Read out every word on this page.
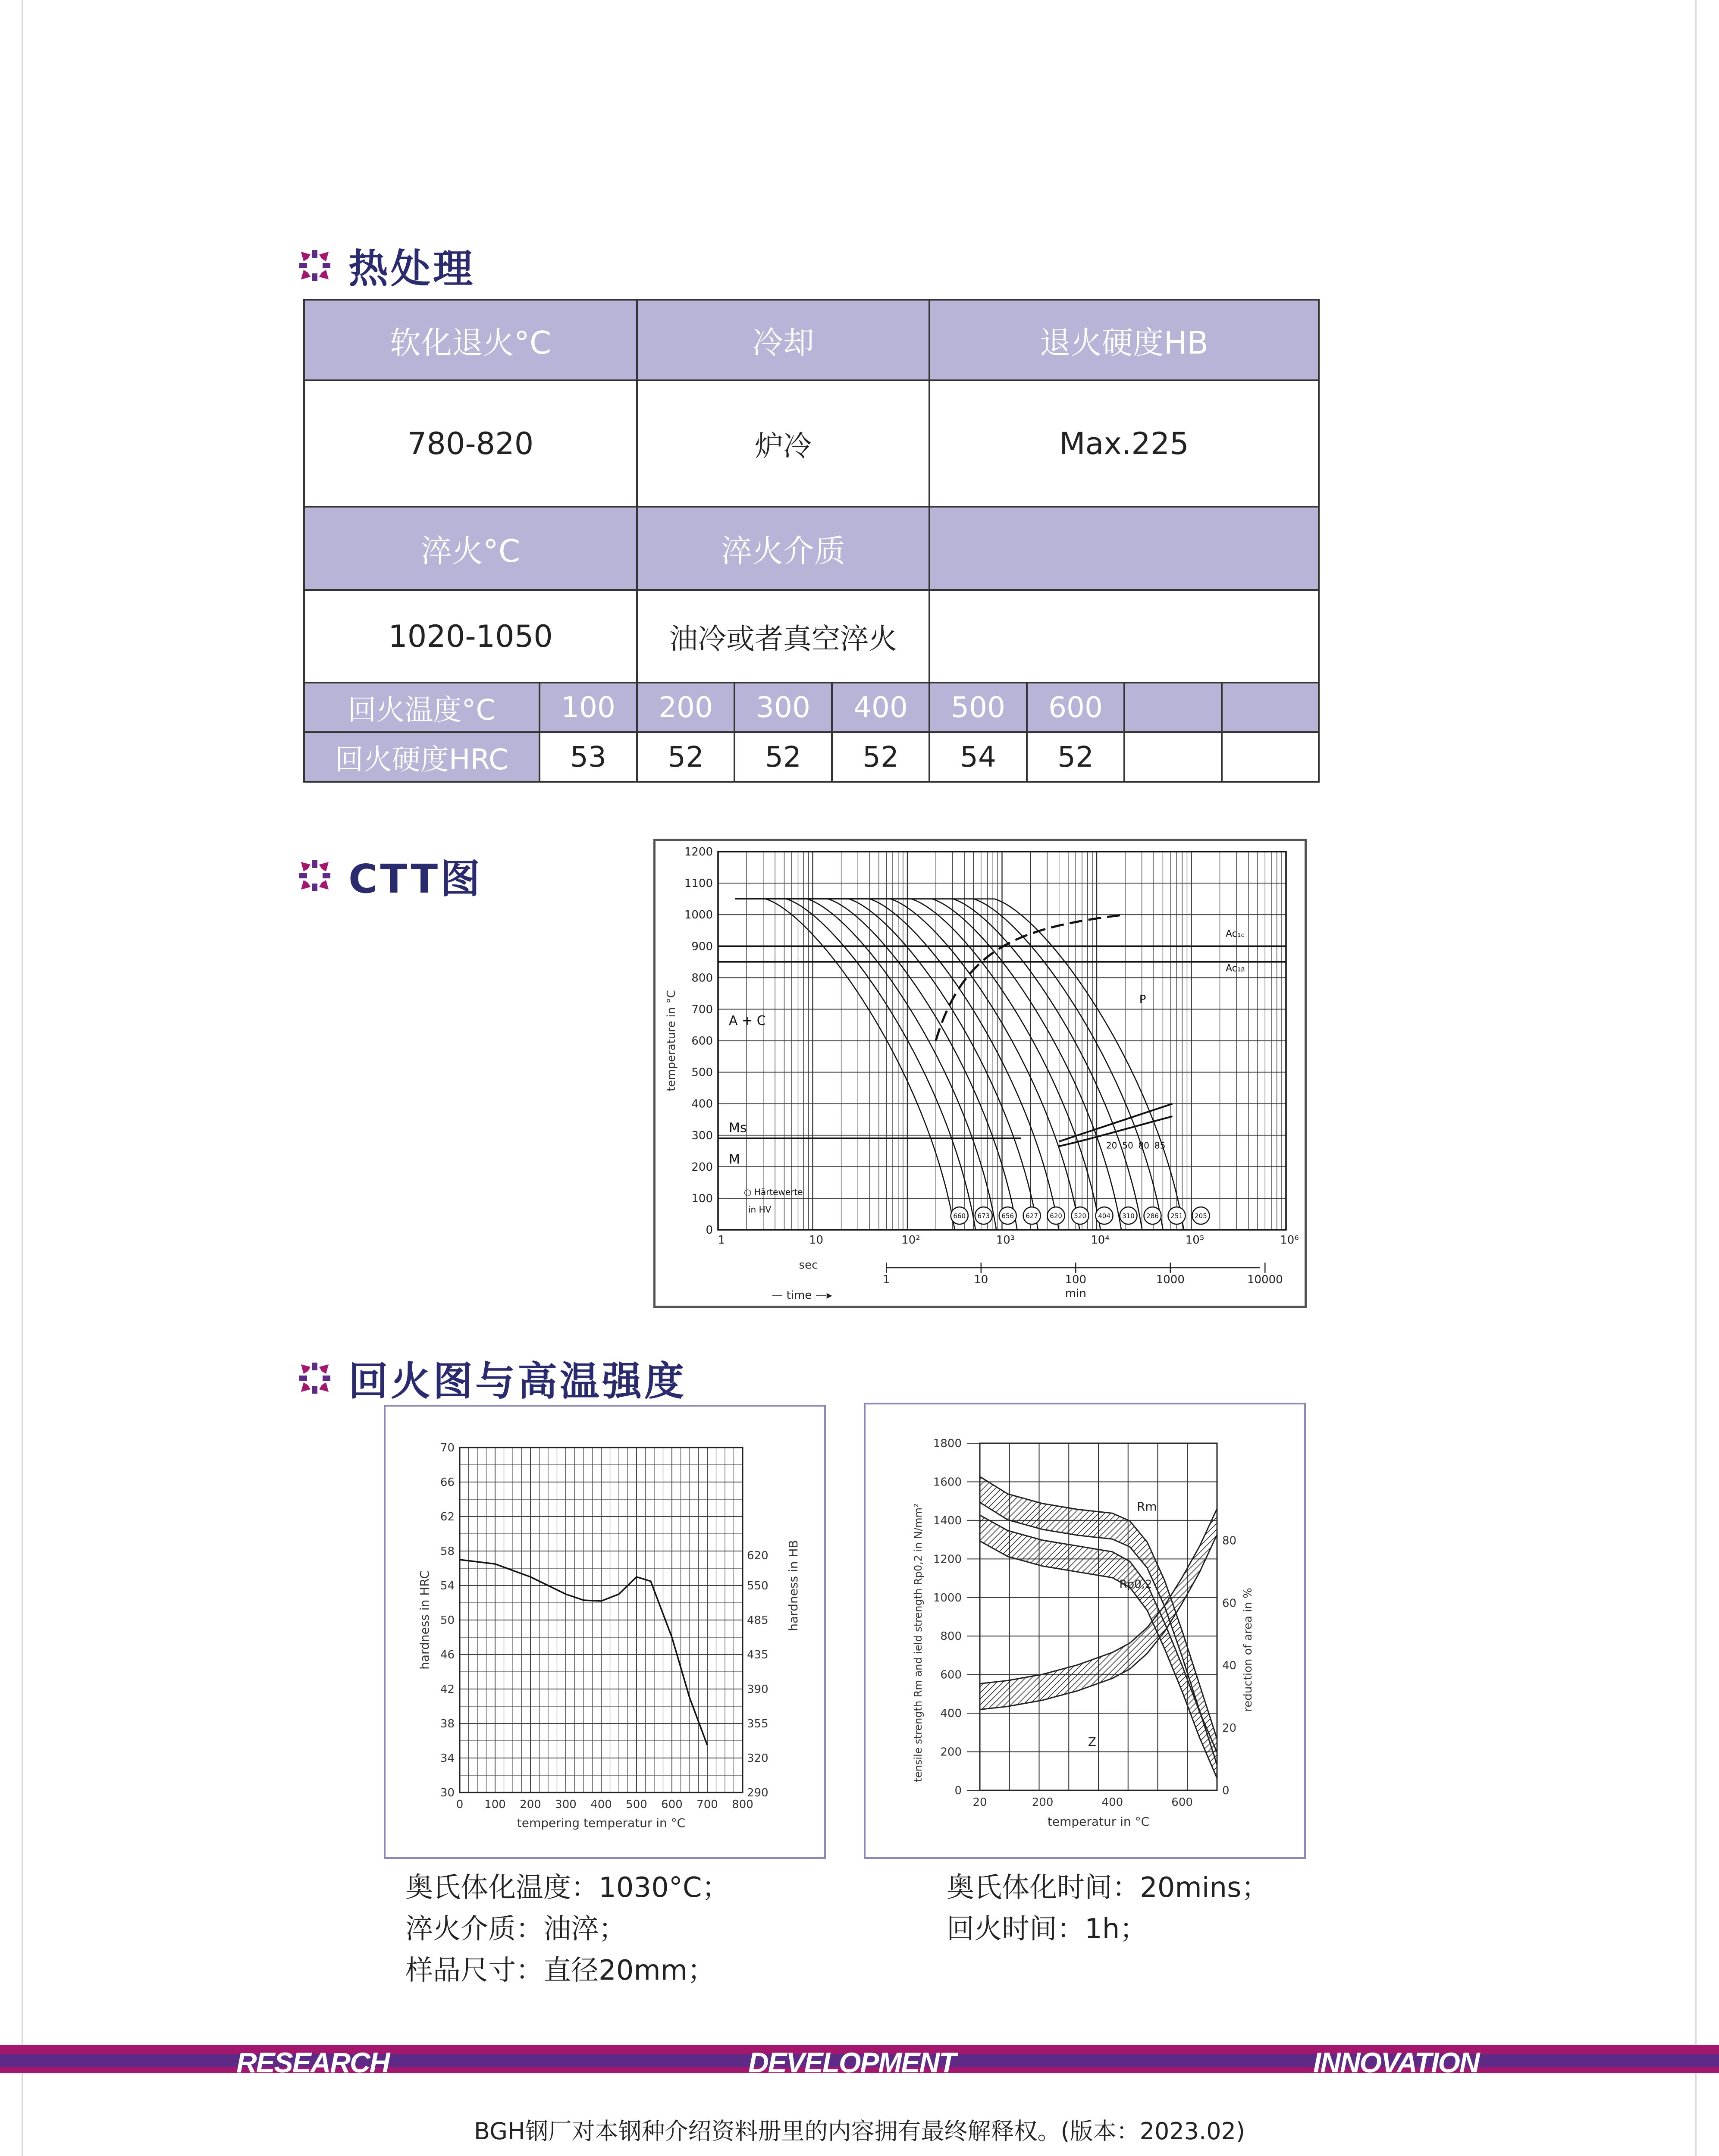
热处理
软化退火°C		冷却			退火硬度HB			
780-820		炉冷			Max.225			
淬火°C		淬火介质						
1020-1050		油冷或者真空淬火						
回火温度°C	100	200	300	400	500	600		
回火硬度HRC	53	52	52	52	54	52		
CTT图
1200
1100
1000
900
800
700
600
500
400
300
200
100
0
temperature in °C
1	10	10²	10³	10⁴	10⁵	10⁶
1	10	100	1000	10000
sec
min
— time —▸
Ac₁ₑ
Ac₁ᵦ
Ms
M
A + C
P
○ Härtewerte
in HV
20 50 80 85
660 673 656 627 620 520 404 310 286 251 205
回火图与高温强度
70
66
62
58
54
50
46
42
38
34
30
0 100 200 300 400 500 600 700 800
620
550
485
435
390
355
320
290
tempering temperatur in °C
hardness in HRC	hardness in HB
1800
1600
1400
1200
1000
800
600
400
200
0
20	200	400	600
80
60
40
20
0
temperatur in °C
tensile strength Rm and ield strength Rp0,2 in N/mm²	reduction of area in %
Rm
Rp0,2
Z
奥氏体化温度：1030°C；
淬火介质：油淬；
样品尺寸：直径20mm；
奥氏体化时间：20mins；
回火时间：1h；
RESEARCH	DEVELOPMENT	INNOVATION
BGH钢厂对本钢种介绍资料册里的内容拥有最终解释权。(版本：2023.02)
